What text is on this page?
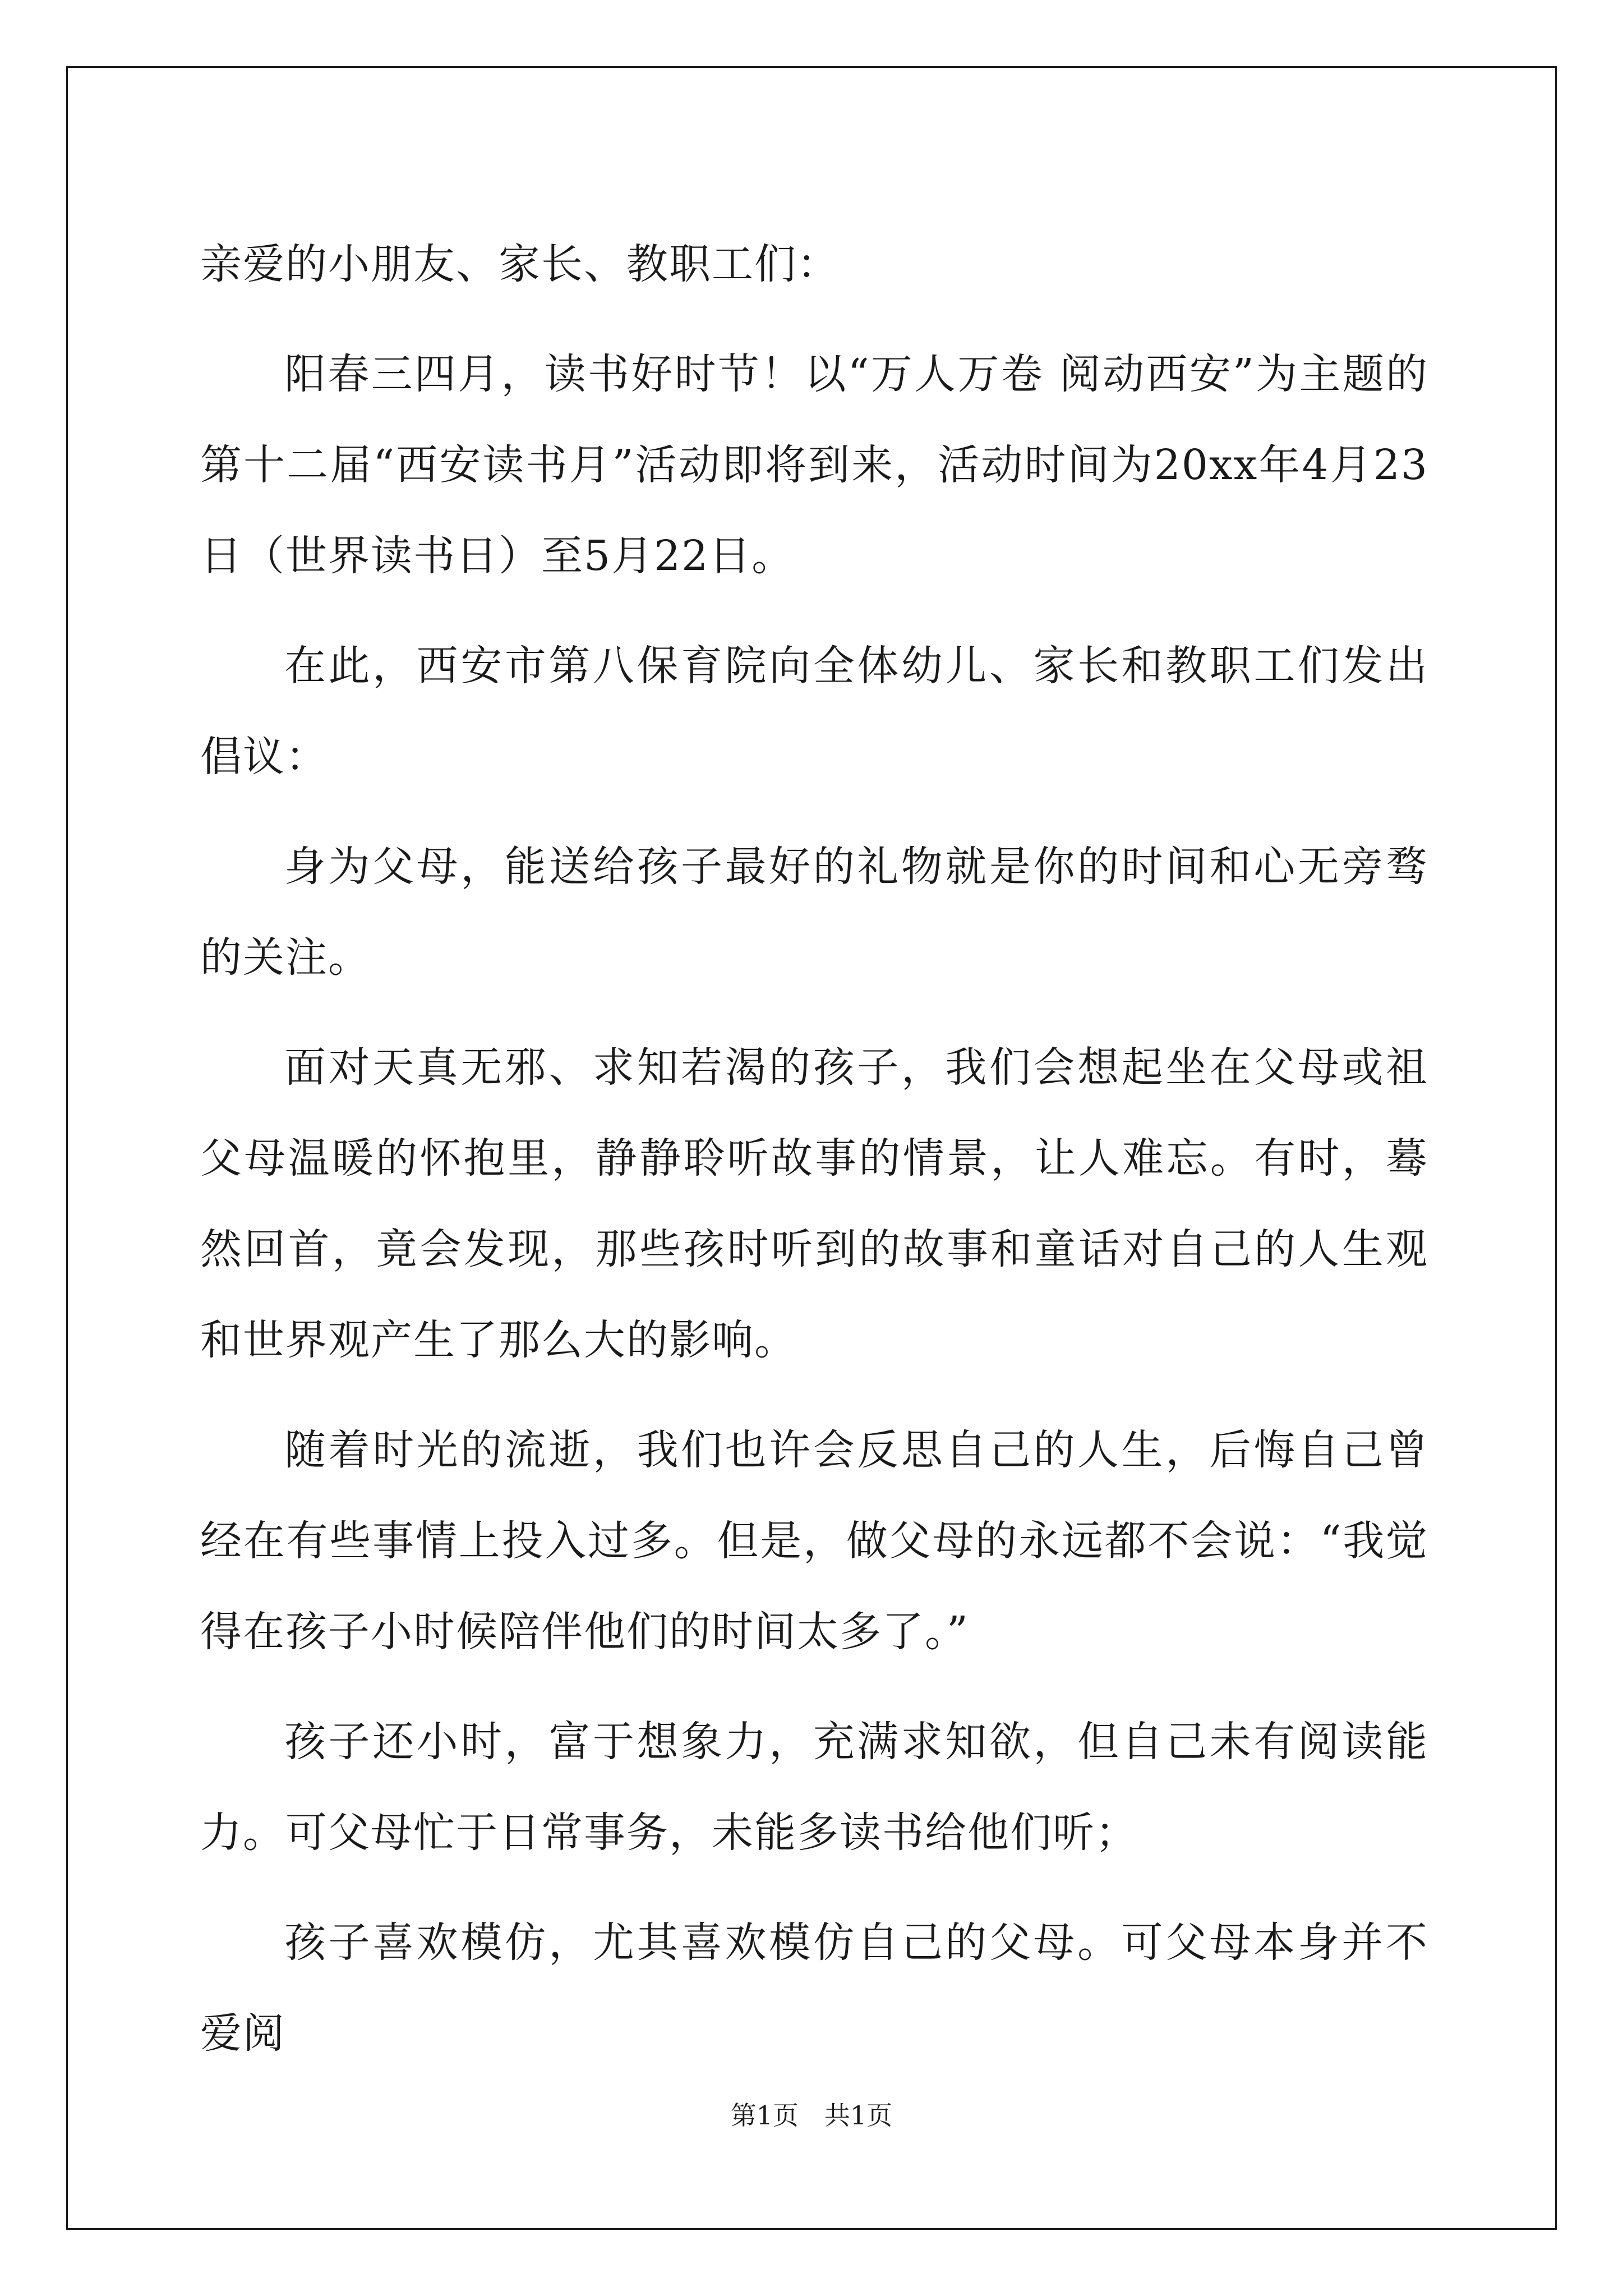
亲爱的小朋友、家长、教职工们：

阳春三四月，读书好时节！以“万人万卷 阅动西安”为主题的第十二届“西安读书月”活动即将到来，活动时间为20xx年4月23日（世界读书日）至5月22日。

在此，西安市第八保育院向全体幼儿、家长和教职工们发出倡议：

身为父母，能送给孩子最好的礼物就是你的时间和心无旁骛的关注。

面对天真无邪、求知若渴的孩子，我们会想起坐在父母或祖父母温暖的怀抱里，静静聆听故事的情景，让人难忘。有时，蓦然回首，竟会发现，那些孩时听到的故事和童话对自己的人生观和世界观产生了那么大的影响。

随着时光的流逝，我们也许会反思自己的人生，后悔自己曾经在有些事情上投入过多。但是，做父母的永远都不会说：“我觉得在孩子小时候陪伴他们的时间太多了。”

孩子还小时，富于想象力，充满求知欲，但自己未有阅读能力。可父母忙于日常事务，未能多读书给他们听；

孩子喜欢模仿，尤其喜欢模仿自己的父母。可父母本身并不爱阅

第1页　共1页
